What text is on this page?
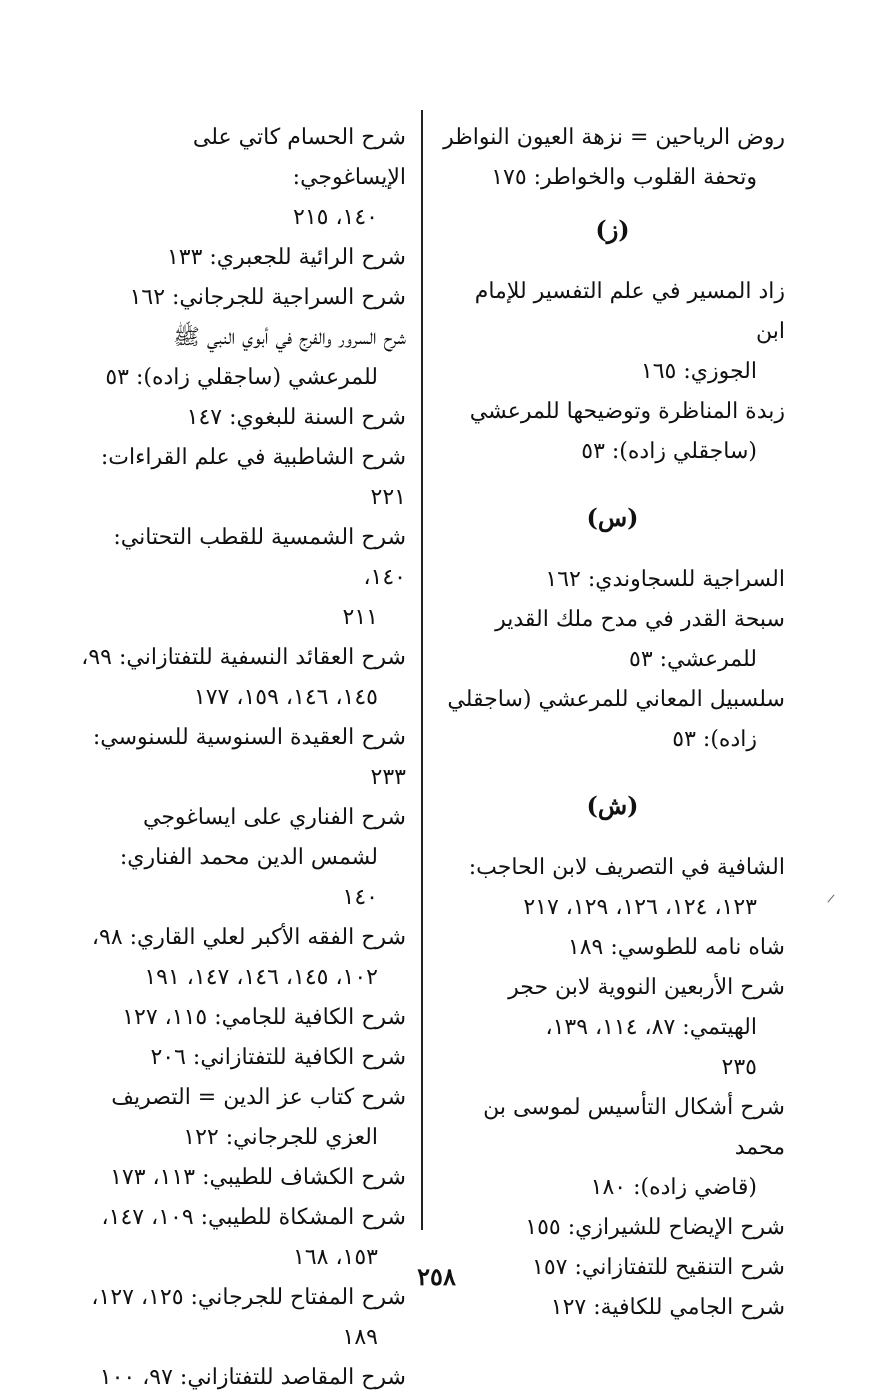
روض الرياحين = نزهة العيون النواظر
وتحفة القلوب والخواطر: ١٧٥
(ز)
زاد المسير في علم التفسير للإمام ابن
الجوزي: ١٦٥
زبدة المناظرة وتوضيحها للمرعشي
(ساجقلي زاده): ٥٣
(س)
السراجية للسجاوندي: ١٦٢
سبحة القدر في مدح ملك القدير
للمرعشي: ٥٣
سلسبيل المعاني للمرعشي (ساجقلي
زاده): ٥٣
(ش)
الشافية في التصريف لابن الحاجب:
١٢٣، ١٢٤، ١٢٦، ١٢٩، ٢١٧
شاه نامه للطوسي: ١٨٩
شرح الأربعين النووية لابن حجر
الهيتمي: ٨٧، ١١٤، ١٣٩،
٢٣٥
شرح أشكال التأسيس لموسى بن محمد
(قاضي زاده): ١٨٠
شرح الإيضاح للشيرازي: ١٥٥
شرح التنقيح للتفتازاني: ١٥٧
شرح الجامي للكافية: ١٢٧
شرح الحسام كاتي على الإيساغوجي:
١٤٠، ٢١٥
شرح الرائية للجعبري: ١٣٣
شرح السراجية للجرجاني: ١٦٢
شرح السرور والفرج في أبوي النبي ﷺ
للمرعشي (ساجقلي زاده): ٥٣
شرح السنة للبغوي: ١٤٧
شرح الشاطبية في علم القراءات: ٢٢١
شرح الشمسية للقطب التحتاني: ١٤٠،
٢١١
شرح العقائد النسفية للتفتازاني: ٩٩،
١٤٥، ١٤٦، ١٥٩، ١٧٧
شرح العقيدة السنوسية للسنوسي: ٢٣٣
شرح الفناري على ايساغوجي
لشمس الدين محمد الفناري: ١٤٠
شرح الفقه الأكبر لعلي القاري: ٩٨،
١٠٢، ١٤٥، ١٤٦، ١٤٧، ١٩١
شرح الكافية للجامي: ١١٥، ١٢٧
شرح الكافية للتفتازاني: ٢٠٦
شرح كتاب عز الدين = التصريف
العزي للجرجاني: ١٢٢
شرح الكشاف للطيبي: ١١٣، ١٧٣
شرح المشكاة للطيبي: ١٠٩، ١٤٧،
١٥٣، ١٦٨
شرح المفتاح للجرجاني: ١٢٥، ١٢٧،
١٨٩
شرح المقاصد للتفتازاني: ٩٧، ١٠٠
٢٥٨
